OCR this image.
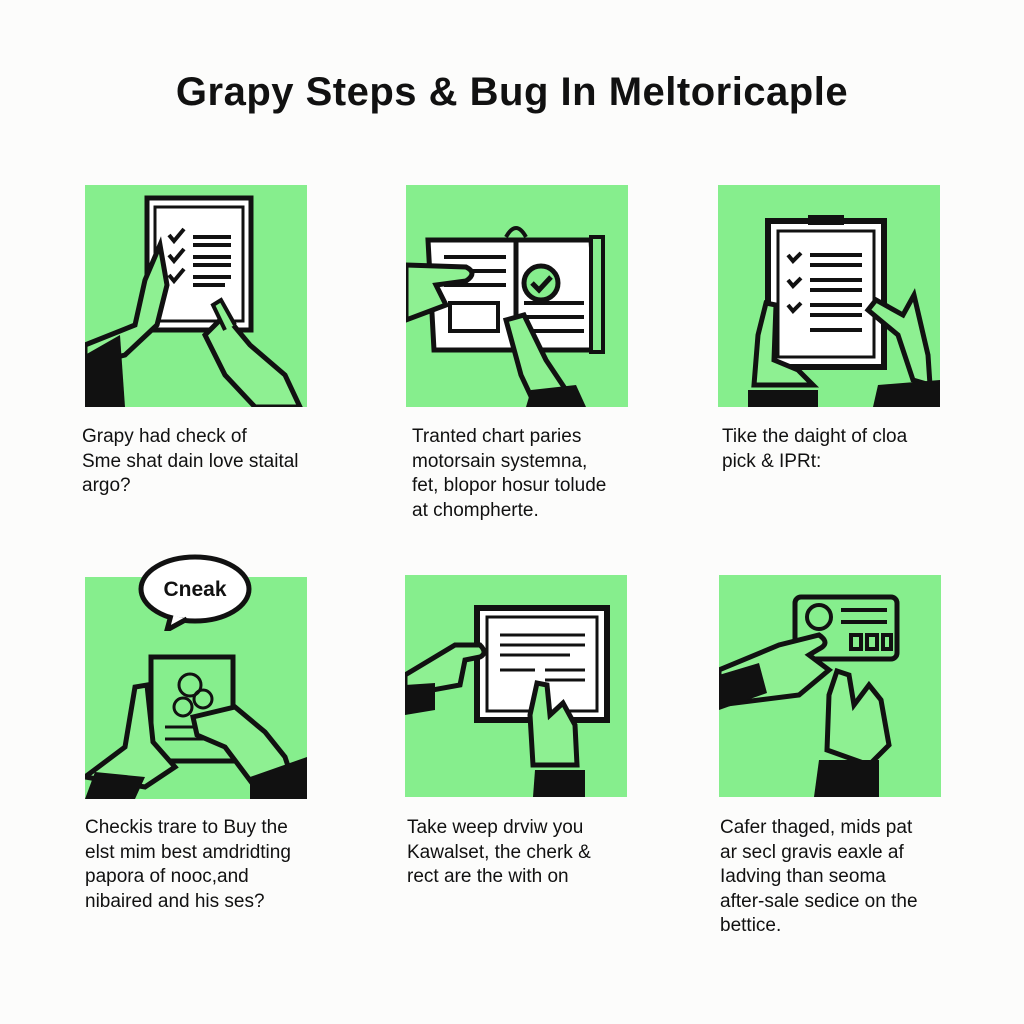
Grapy Steps & Bug In Meltoricaple
Cneak
Grapy had check of
Sme shat dain love staital
argo?
Tranted chart paries
motorsain systemna,
fet, blopor hosur tolude
at chompherte.
Tike the daight of cloa
pick & IPRt:
Checkis trare to Buy the
elst mim best amdridting
papora of nooc,and
nibaired and his ses?
Take weep drviw you
Kawalset, the cherk &
rect are the with on
Cafer thaged, mids pat
ar secl gravis eaxle af
Iadving than seoma
after-sale sedice on the
bettice.
